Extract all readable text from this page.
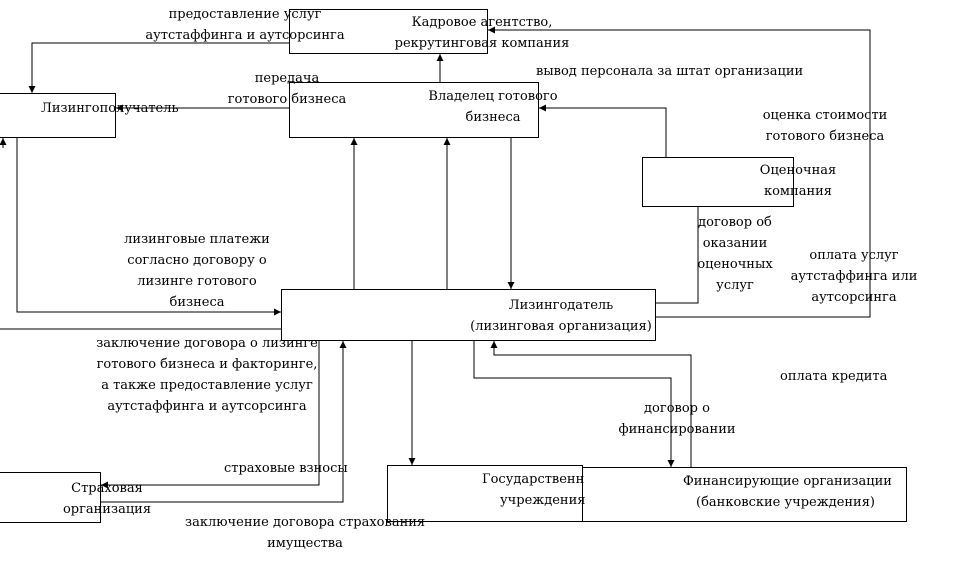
Кадровое агентство,
рекрутинговая компания
Лизингополучатель
Владелец готового
бизнеса
Оценочная
компания
Лизингодатель
(лизинговая организация)
Страховая
организация
Государственн
учреждения
Финансирующие организации
(банковские учреждения)
предоставление услуг
аутстаффинга и аутсорсинга
передача
готового бизнеса
вывод персонала за штат организации
оценка стоимости
готового бизнеса
лизинговые платежи
согласно договору о
лизинге готового
бизнеса
договор об
оказании
оценочных
услуг
оплата услуг
аутстаффинга или
аутсорсинга
заключение договора о лизинге
готового бизнеса и факторинге,
а также предоставление услуг
аутстаффинга и аутсорсинга
оплата кредита
договор о
финансировании
страховые взносы
заключение договора страхования
имущества
